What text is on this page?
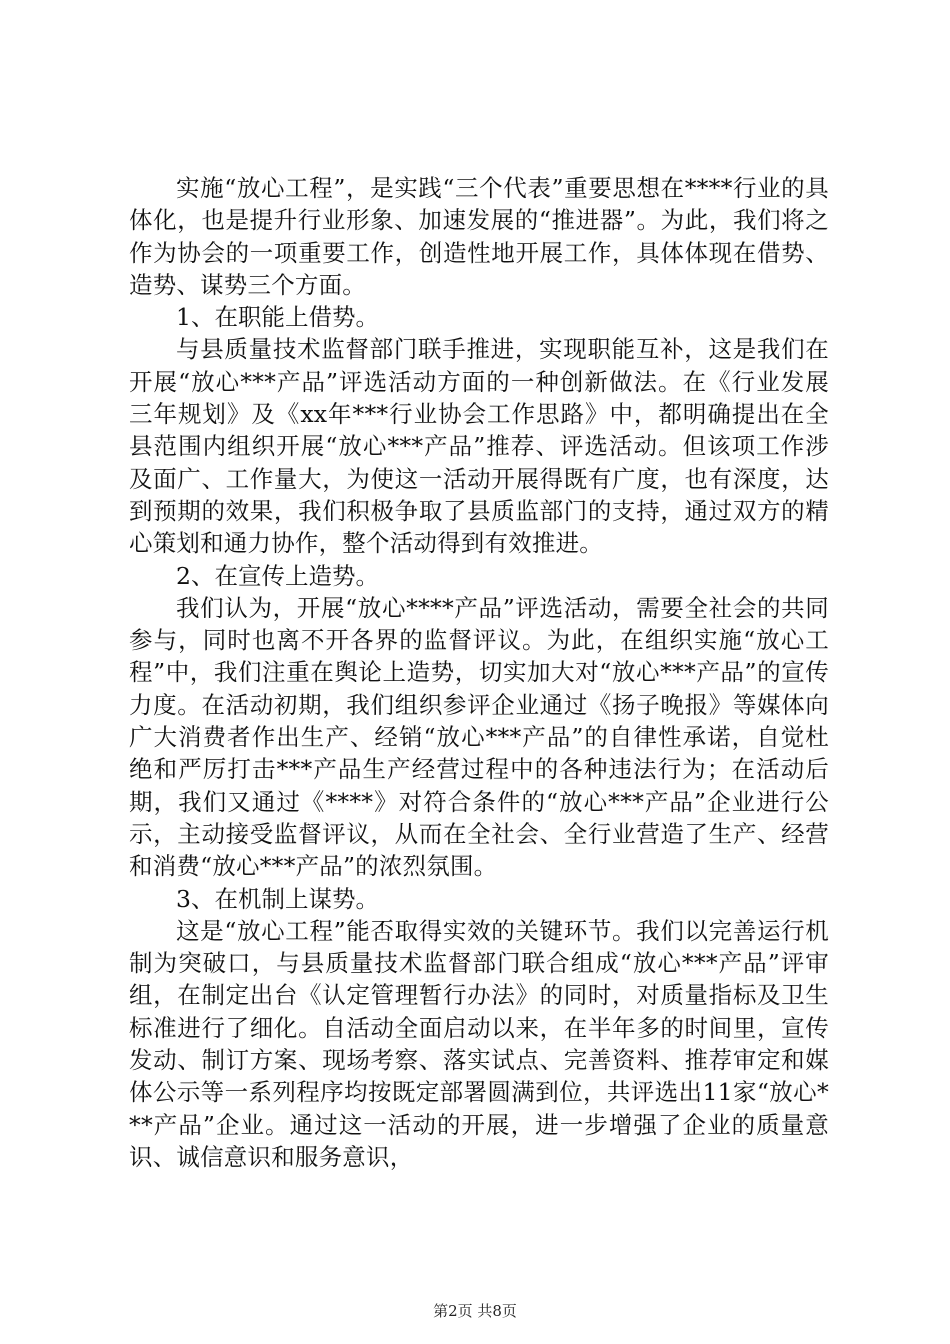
实施“放心工程”，是实践“三个代表”重要思想在****行业的具体化，也是提升行业形象、加速发展的“推进器”。为此，我们将之作为协会的一项重要工作，创造性地开展工作，具体体现在借势、造势、谋势三个方面。

1、在职能上借势。

与县质量技术监督部门联手推进，实现职能互补，这是我们在开展“放心***产品”评选活动方面的一种创新做法。在《行业发展三年规划》及《xx年***行业协会工作思路》中，都明确提出在全县范围内组织开展“放心***产品”推荐、评选活动。但该项工作涉及面广、工作量大，为使这一活动开展得既有广度，也有深度，达到预期的效果，我们积极争取了县质监部门的支持，通过双方的精心策划和通力协作，整个活动得到有效推进。

2、在宣传上造势。

我们认为，开展“放心****产品”评选活动，需要全社会的共同参与，同时也离不开各界的监督评议。为此，在组织实施“放心工程”中，我们注重在舆论上造势，切实加大对“放心***产品”的宣传力度。在活动初期，我们组织参评企业通过《扬子晚报》等媒体向广大消费者作出生产、经销“放心***产品”的自律性承诺，自觉杜绝和严厉打击***产品生产经营过程中的各种违法行为；在活动后期，我们又通过《****》对符合条件的“放心***产品”企业进行公示，主动接受监督评议，从而在全社会、全行业营造了生产、经营和消费“放心***产品”的浓烈氛围。

3、在机制上谋势。

这是“放心工程”能否取得实效的关键环节。我们以完善运行机制为突破口，与县质量技术监督部门联合组成“放心***产品”评审组，在制定出台《认定管理暂行办法》的同时，对质量指标及卫生标准进行了细化。自活动全面启动以来，在半年多的时间里，宣传发动、制订方案、现场考察、落实试点、完善资料、推荐审定和媒体公示等一系列程序均按既定部署圆满到位，共评选出11家“放心***产品”企业。通过这一活动的开展，进一步增强了企业的质量意识、诚信意识和服务意识，

第2页 共8页
